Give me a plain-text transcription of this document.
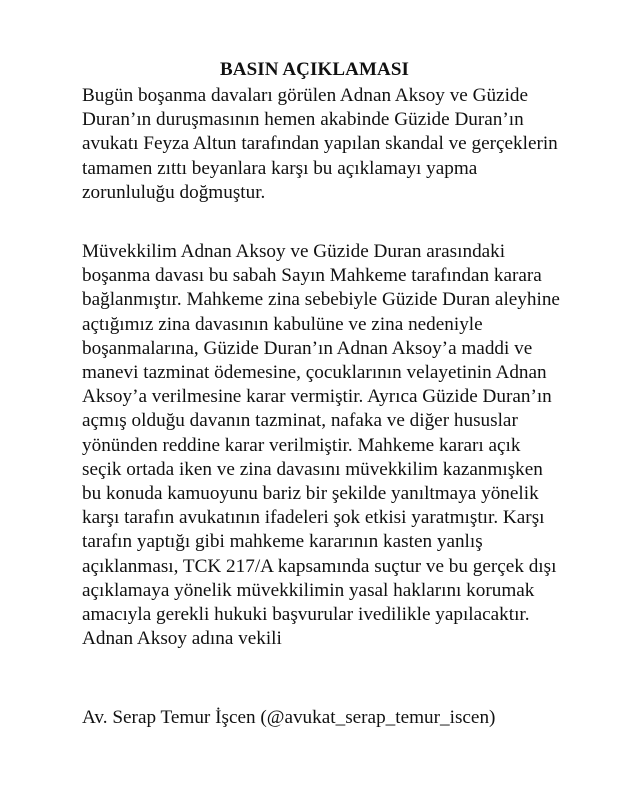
BASIN AÇIKLAMASI
Bugün boşanma davaları görülen Adnan Aksoy ve Güzide
Duran’ın duruşmasının hemen akabinde Güzide Duran’ın
avukatı Feyza Altun tarafından yapılan skandal ve gerçeklerin
tamamen zıttı beyanlara karşı bu açıklamayı yapma
zorunluluğu doğmuştur.
Müvekkilim Adnan Aksoy ve Güzide Duran arasındaki
boşanma davası bu sabah Sayın Mahkeme tarafından karara
bağlanmıştır. Mahkeme zina sebebiyle Güzide Duran aleyhine
açtığımız zina davasının kabulüne ve zina nedeniyle
boşanmalarına, Güzide Duran’ın Adnan Aksoy’a maddi ve
manevi tazminat ödemesine, çocuklarının velayetinin Adnan
Aksoy’a verilmesine karar vermiştir. Ayrıca Güzide Duran’ın
açmış olduğu davanın tazminat, nafaka ve diğer hususlar
yönünden reddine karar verilmiştir. Mahkeme kararı açık
seçik ortada iken ve zina davasını müvekkilim kazanmışken
bu konuda kamuoyunu bariz bir şekilde yanıltmaya yönelik
karşı tarafın avukatının ifadeleri şok etkisi yaratmıştır. Karşı
tarafın yaptığı gibi mahkeme kararının kasten yanlış
açıklanması, TCK 217/A kapsamında suçtur ve bu gerçek dışı
açıklamaya yönelik müvekkilimin yasal haklarını korumak
amacıyla gerekli hukuki başvurular ivedilikle yapılacaktır.
Adnan Aksoy adına vekili
Av. Serap Temur İşcen (@avukat_serap_temur_iscen)
